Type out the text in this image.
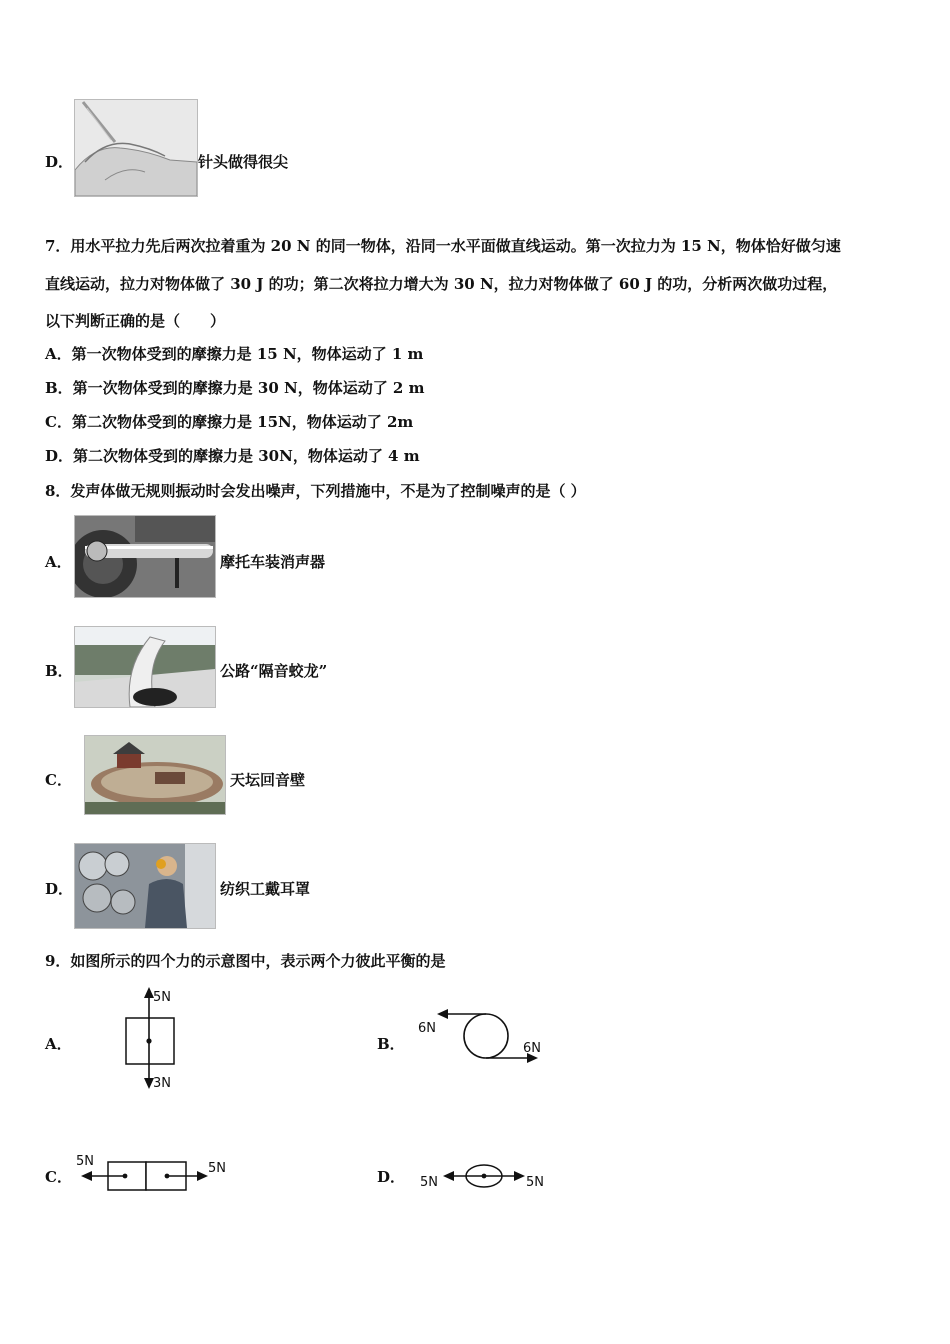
D．	针头做得很尖
7．用水平拉力先后两次拉着重为 20 N 的同一物体，沿同一水平面做直线运动。第一次拉力为 15 N，物体恰好做匀速
直线运动，拉力对物体做了 30 J 的功；第二次将拉力增大为 30 N，拉力对物体做了 60 J 的功，分析两次做功过程，
以下判断正确的是（　　）
A．第一次物体受到的摩擦力是 15 N，物体运动了 1 m
B．第一次物体受到的摩擦力是 30 N，物体运动了 2 m
C．第二次物体受到的摩擦力是 15N，物体运动了 2m
D．第二次物体受到的摩擦力是 30N，物体运动了 4 m
8．发声体做无规则振动时会发出噪声，下列措施中，不是为了控制噪声的是（ ）
A．	摩托车装消声器
B．	公路“隔音蛟龙”
C．	天坛回音壁
D．	纺织工戴耳罩
9．如图所示的四个力的示意图中，表示两个力彼此平衡的是
A．
5N
3N
B．
6N
6N
C．
5N	5N	D． 5N	5N
